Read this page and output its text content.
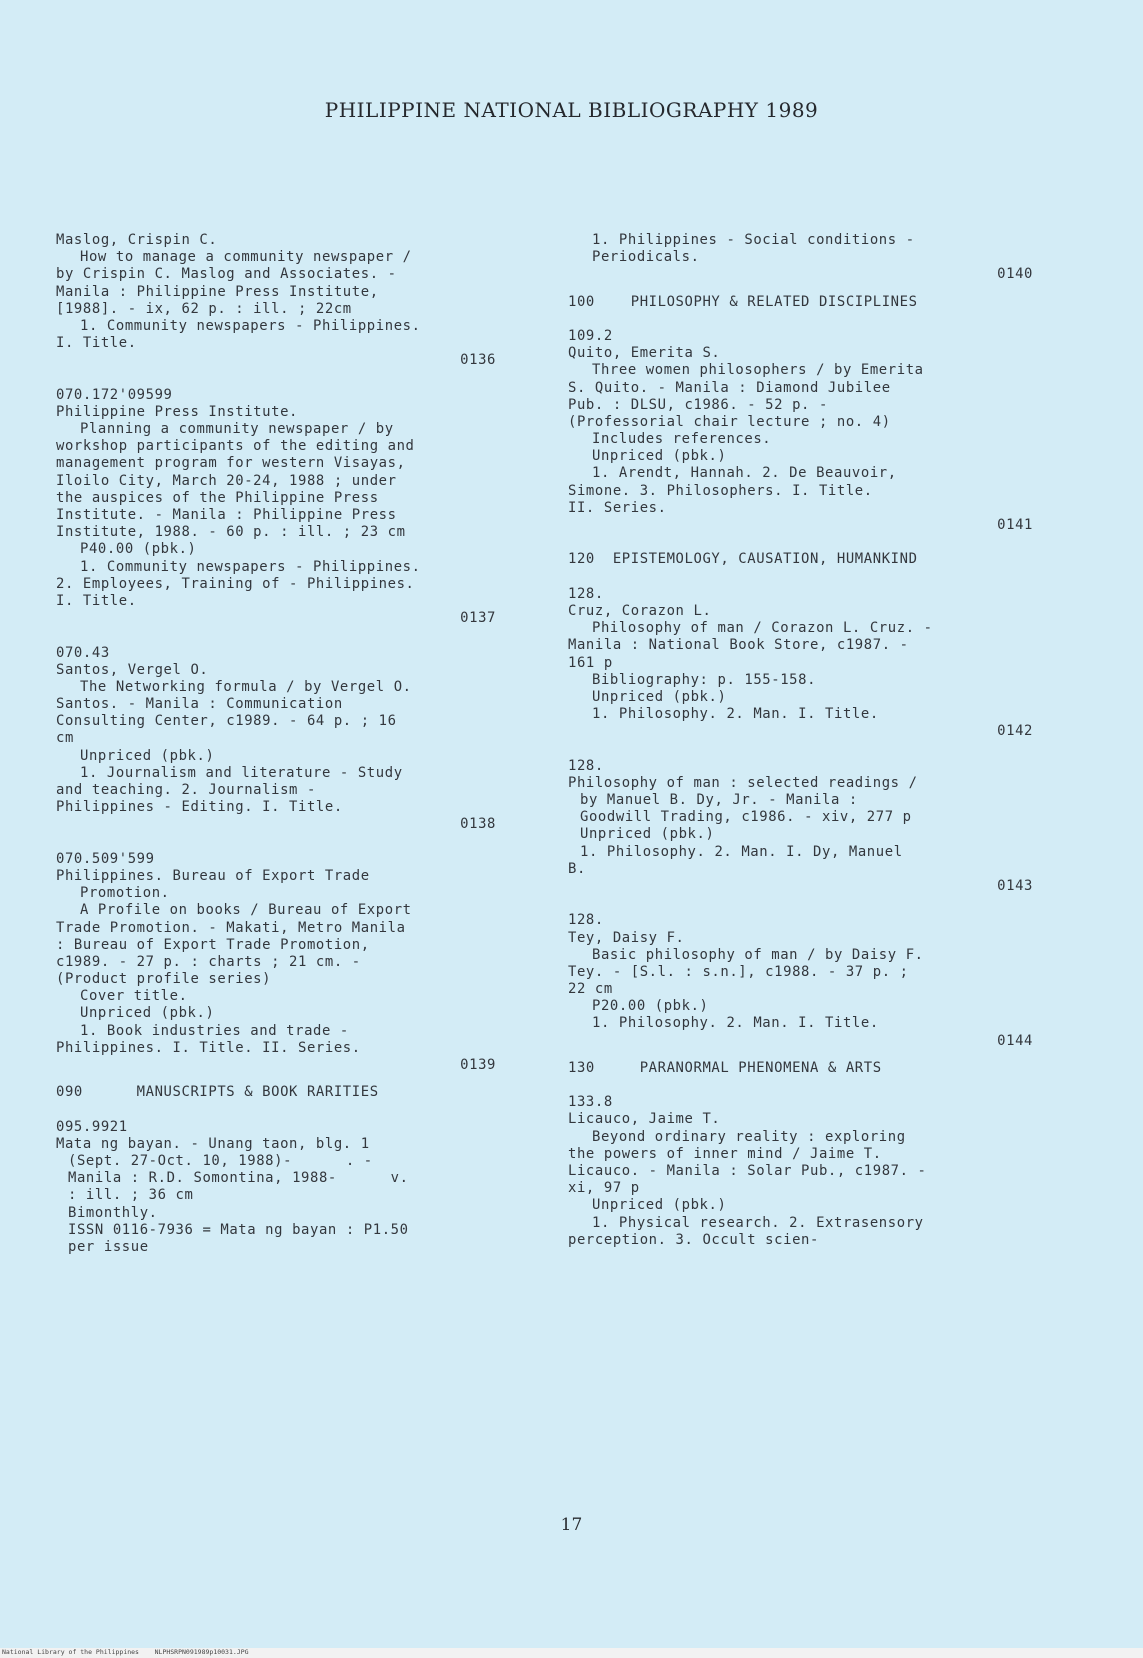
PHILIPPINE NATIONAL BIBLIOGRAPHY 1989
Maslog, Crispin C.
How to manage a community newspaper /
by Crispin C. Maslog and Associates. -
Manila : Philippine Press Institute,
[1988]. - ix, 62 p. : ill. ; 22cm
1. Community newspapers - Philippines.
I. Title.
0136
070.172'09599
Philippine Press Institute.
Planning a community newspaper / by
workshop participants of the editing and
management program for western Visayas,
Iloilo City, March 20-24, 1988 ; under
the auspices of the Philippine Press
Institute. - Manila : Philippine Press
Institute, 1988. - 60 p. : ill. ; 23 cm
P40.00 (pbk.)
1. Community newspapers - Philippines.
2. Employees, Training of - Philippines.
I. Title.
0137
070.43
Santos, Vergel O.
The Networking formula / by Vergel O.
Santos. - Manila : Communication
Consulting Center, c1989. - 64 p. ; 16
cm
Unpriced (pbk.)
1. Journalism and literature - Study
and teaching. 2. Journalism -
Philippines - Editing. I. Title.
0138
070.509'599
Philippines. Bureau of Export Trade
Promotion.
A Profile on books / Bureau of Export
Trade Promotion. - Makati, Metro Manila
: Bureau of Export Trade Promotion,
c1989. - 27 p. : charts ; 21 cm. -
(Product profile series)
Cover title.
Unpriced (pbk.)
1. Book industries and trade -
Philippines. I. Title. II. Series.
0139
090      MANUSCRIPTS & BOOK RARITIES
095.9921
Mata ng bayan. - Unang taon, blg. 1
(Sept. 27-Oct. 10, 1988)-      . -
Manila : R.D. Somontina, 1988-      v.
: ill. ; 36 cm
Bimonthly.
ISSN 0116-7936 = Mata ng bayan : P1.50
per issue
1. Philippines - Social conditions -
Periodicals.
0140
100    PHILOSOPHY & RELATED DISCIPLINES
109.2
Quito, Emerita S.
Three women philosophers / by Emerita
S. Quito. - Manila : Diamond Jubilee
Pub. : DLSU, c1986. - 52 p. -
(Professorial chair lecture ; no. 4)
Includes references.
Unpriced (pbk.)
1. Arendt, Hannah. 2. De Beauvoir,
Simone. 3. Philosophers. I. Title.
II. Series.
0141
120  EPISTEMOLOGY, CAUSATION, HUMANKIND
128.
Cruz, Corazon L.
Philosophy of man / Corazon L. Cruz. -
Manila : National Book Store, c1987. -
161 p
Bibliography: p. 155-158.
Unpriced (pbk.)
1. Philosophy. 2. Man. I. Title.
0142
128.
Philosophy of man : selected readings /
by Manuel B. Dy, Jr. - Manila :
Goodwill Trading, c1986. - xiv, 277 p
Unpriced (pbk.)
1. Philosophy. 2. Man. I. Dy, Manuel
B.
0143
128.
Tey, Daisy F.
Basic philosophy of man / by Daisy F.
Tey. - [S.l. : s.n.], c1988. - 37 p. ;
22 cm
P20.00 (pbk.)
1. Philosophy. 2. Man. I. Title.
0144
130     PARANORMAL PHENOMENA & ARTS
133.8
Licauco, Jaime T.
Beyond ordinary reality : exploring
the powers of inner mind / Jaime T.
Licauco. - Manila : Solar Pub., c1987. -
xi, 97 p
Unpriced (pbk.)
1. Physical research. 2. Extrasensory
perception. 3. Occult scien-
17
National Library of the Philippines    NLPHSRPN091989p10031.JPG
